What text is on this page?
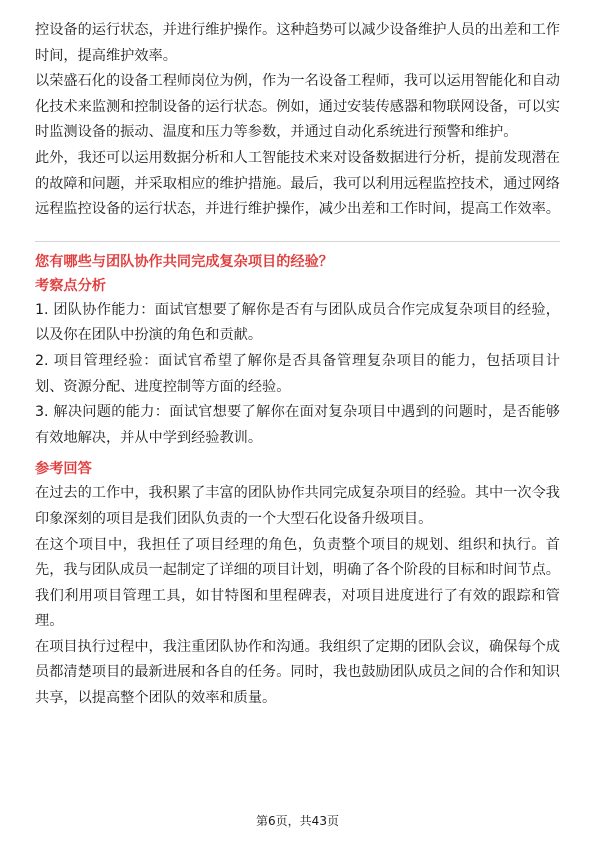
控设备的运行状态，并进行维护操作。这种趋势可以减少设备维护人员的出差和工作时间，提高维护效率。

以荣盛石化的设备工程师岗位为例，作为一名设备工程师，我可以运用智能化和自动化技术来监测和控制设备的运行状态。例如，通过安装传感器和物联网设备，可以实时监测设备的振动、温度和压力等参数，并通过自动化系统进行预警和维护。

此外，我还可以运用数据分析和人工智能技术来对设备数据进行分析，提前发现潜在的故障和问题，并采取相应的维护措施。最后，我可以利用远程监控技术，通过网络远程监控设备的运行状态，并进行维护操作，减少出差和工作时间，提高工作效率。

您有哪些与团队协作共同完成复杂项目的经验？

考察点分析

1. 团队协作能力：面试官想要了解你是否有与团队成员合作完成复杂项目的经验，以及你在团队中扮演的角色和贡献。

2. 项目管理经验：面试官希望了解你是否具备管理复杂项目的能力，包括项目计划、资源分配、进度控制等方面的经验。

3. 解决问题的能力：面试官想要了解你在面对复杂项目中遇到的问题时，是否能够有效地解决，并从中学到经验教训。

参考回答

在过去的工作中，我积累了丰富的团队协作共同完成复杂项目的经验。其中一次令我印象深刻的项目是我们团队负责的一个大型石化设备升级项目。

在这个项目中，我担任了项目经理的角色，负责整个项目的规划、组织和执行。首先，我与团队成员一起制定了详细的项目计划，明确了各个阶段的目标和时间节点。我们利用项目管理工具，如甘特图和里程碑表，对项目进度进行了有效的跟踪和管理。

在项目执行过程中，我注重团队协作和沟通。我组织了定期的团队会议，确保每个成员都清楚项目的最新进展和各自的任务。同时，我也鼓励团队成员之间的合作和知识共享，以提高整个团队的效率和质量。

第6页，共43页
